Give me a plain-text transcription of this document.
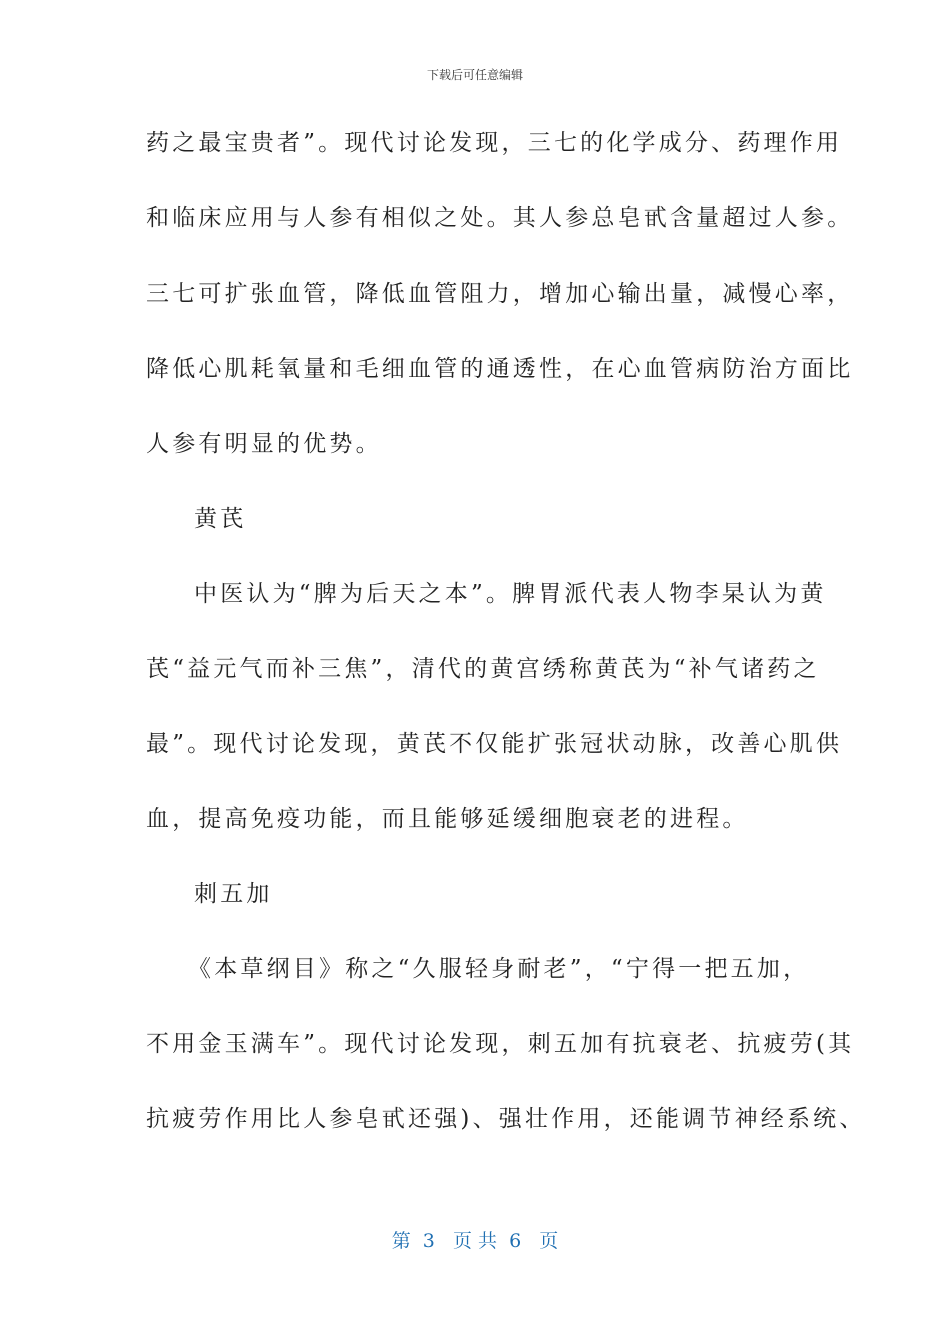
下载后可任意编辑
药之最宝贵者”。现代讨论发现，三七的化学成分、药理作用
和临床应用与人参有相似之处。其人参总皂甙含量超过人参。
三七可扩张血管，降低血管阻力，增加心输出量，减慢心率，
降低心肌耗氧量和毛细血管的通透性，在心血管病防治方面比
人参有明显的优势。
黄芪
中医认为“脾为后天之本”。脾胃派代表人物李杲认为黄
芪“益元气而补三焦”，清代的黄宫绣称黄芪为“补气诸药之
最”。现代讨论发现，黄芪不仅能扩张冠状动脉，改善心肌供
血，提高免疫功能，而且能够延缓细胞衰老的进程。
刺五加
《本草纲目》称之“久服轻身耐老”，“宁得一把五加，
不用金玉满车”。现代讨论发现，刺五加有抗衰老、抗疲劳(其
抗疲劳作用比人参皂甙还强)、强壮作用，还能调节神经系统、
第  3   页 共  6   页
